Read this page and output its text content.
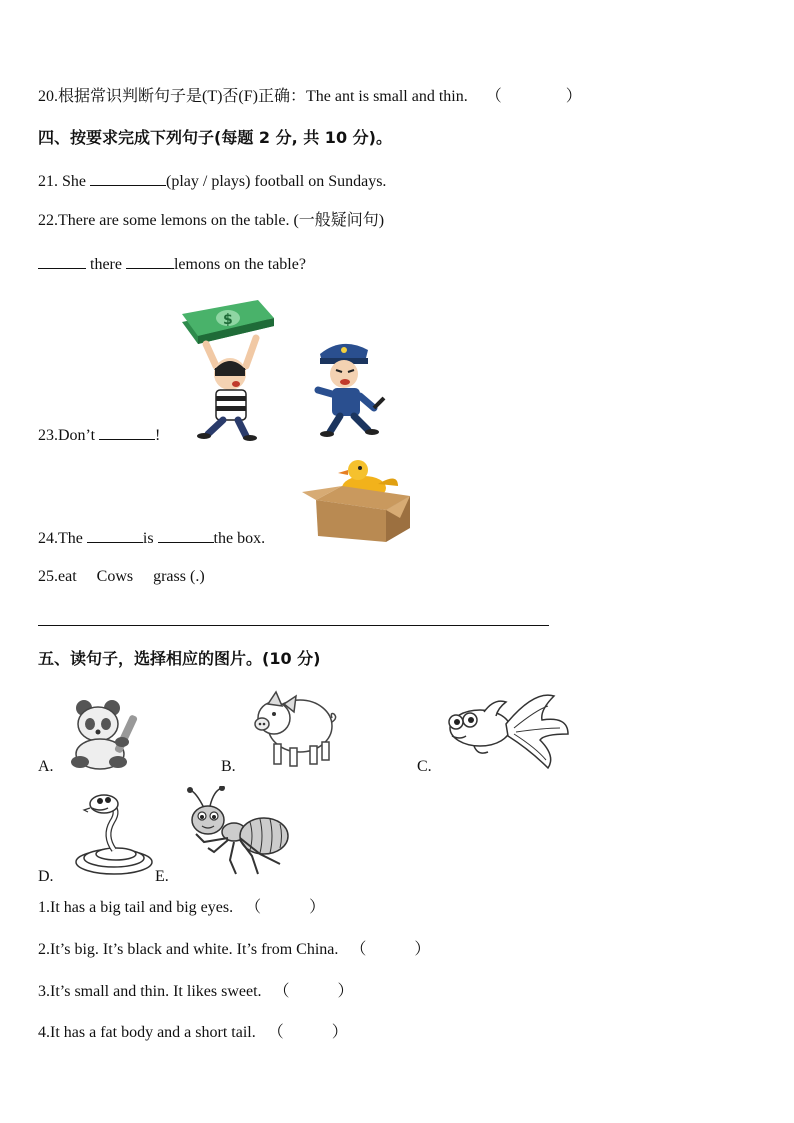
20.根据常识判断句子是(T)否(F)正确：The ant is small and thin. （　　　　）
四、按要求完成下列句子(每题 2 分, 共 10 分)。
21. She	(play / plays) football on Sundays.
22.There are some lemons on the table. (一般疑问句)
there	lemons on the table?
$
23.Don’t	!
24.The	is	the box.
25.eat　 Cows　 grass (.)
五、读句子，选择相应的图片。(10 分)
A.	B.	C.
D.	E.
1.It has a big tail and big eyes. （　　　）
2.It’s big. It’s black and white. It’s from China. （　　　）
3.It’s small and thin. It likes sweet. （　　　）
4.It has a fat body and a short tail. （　　　）
